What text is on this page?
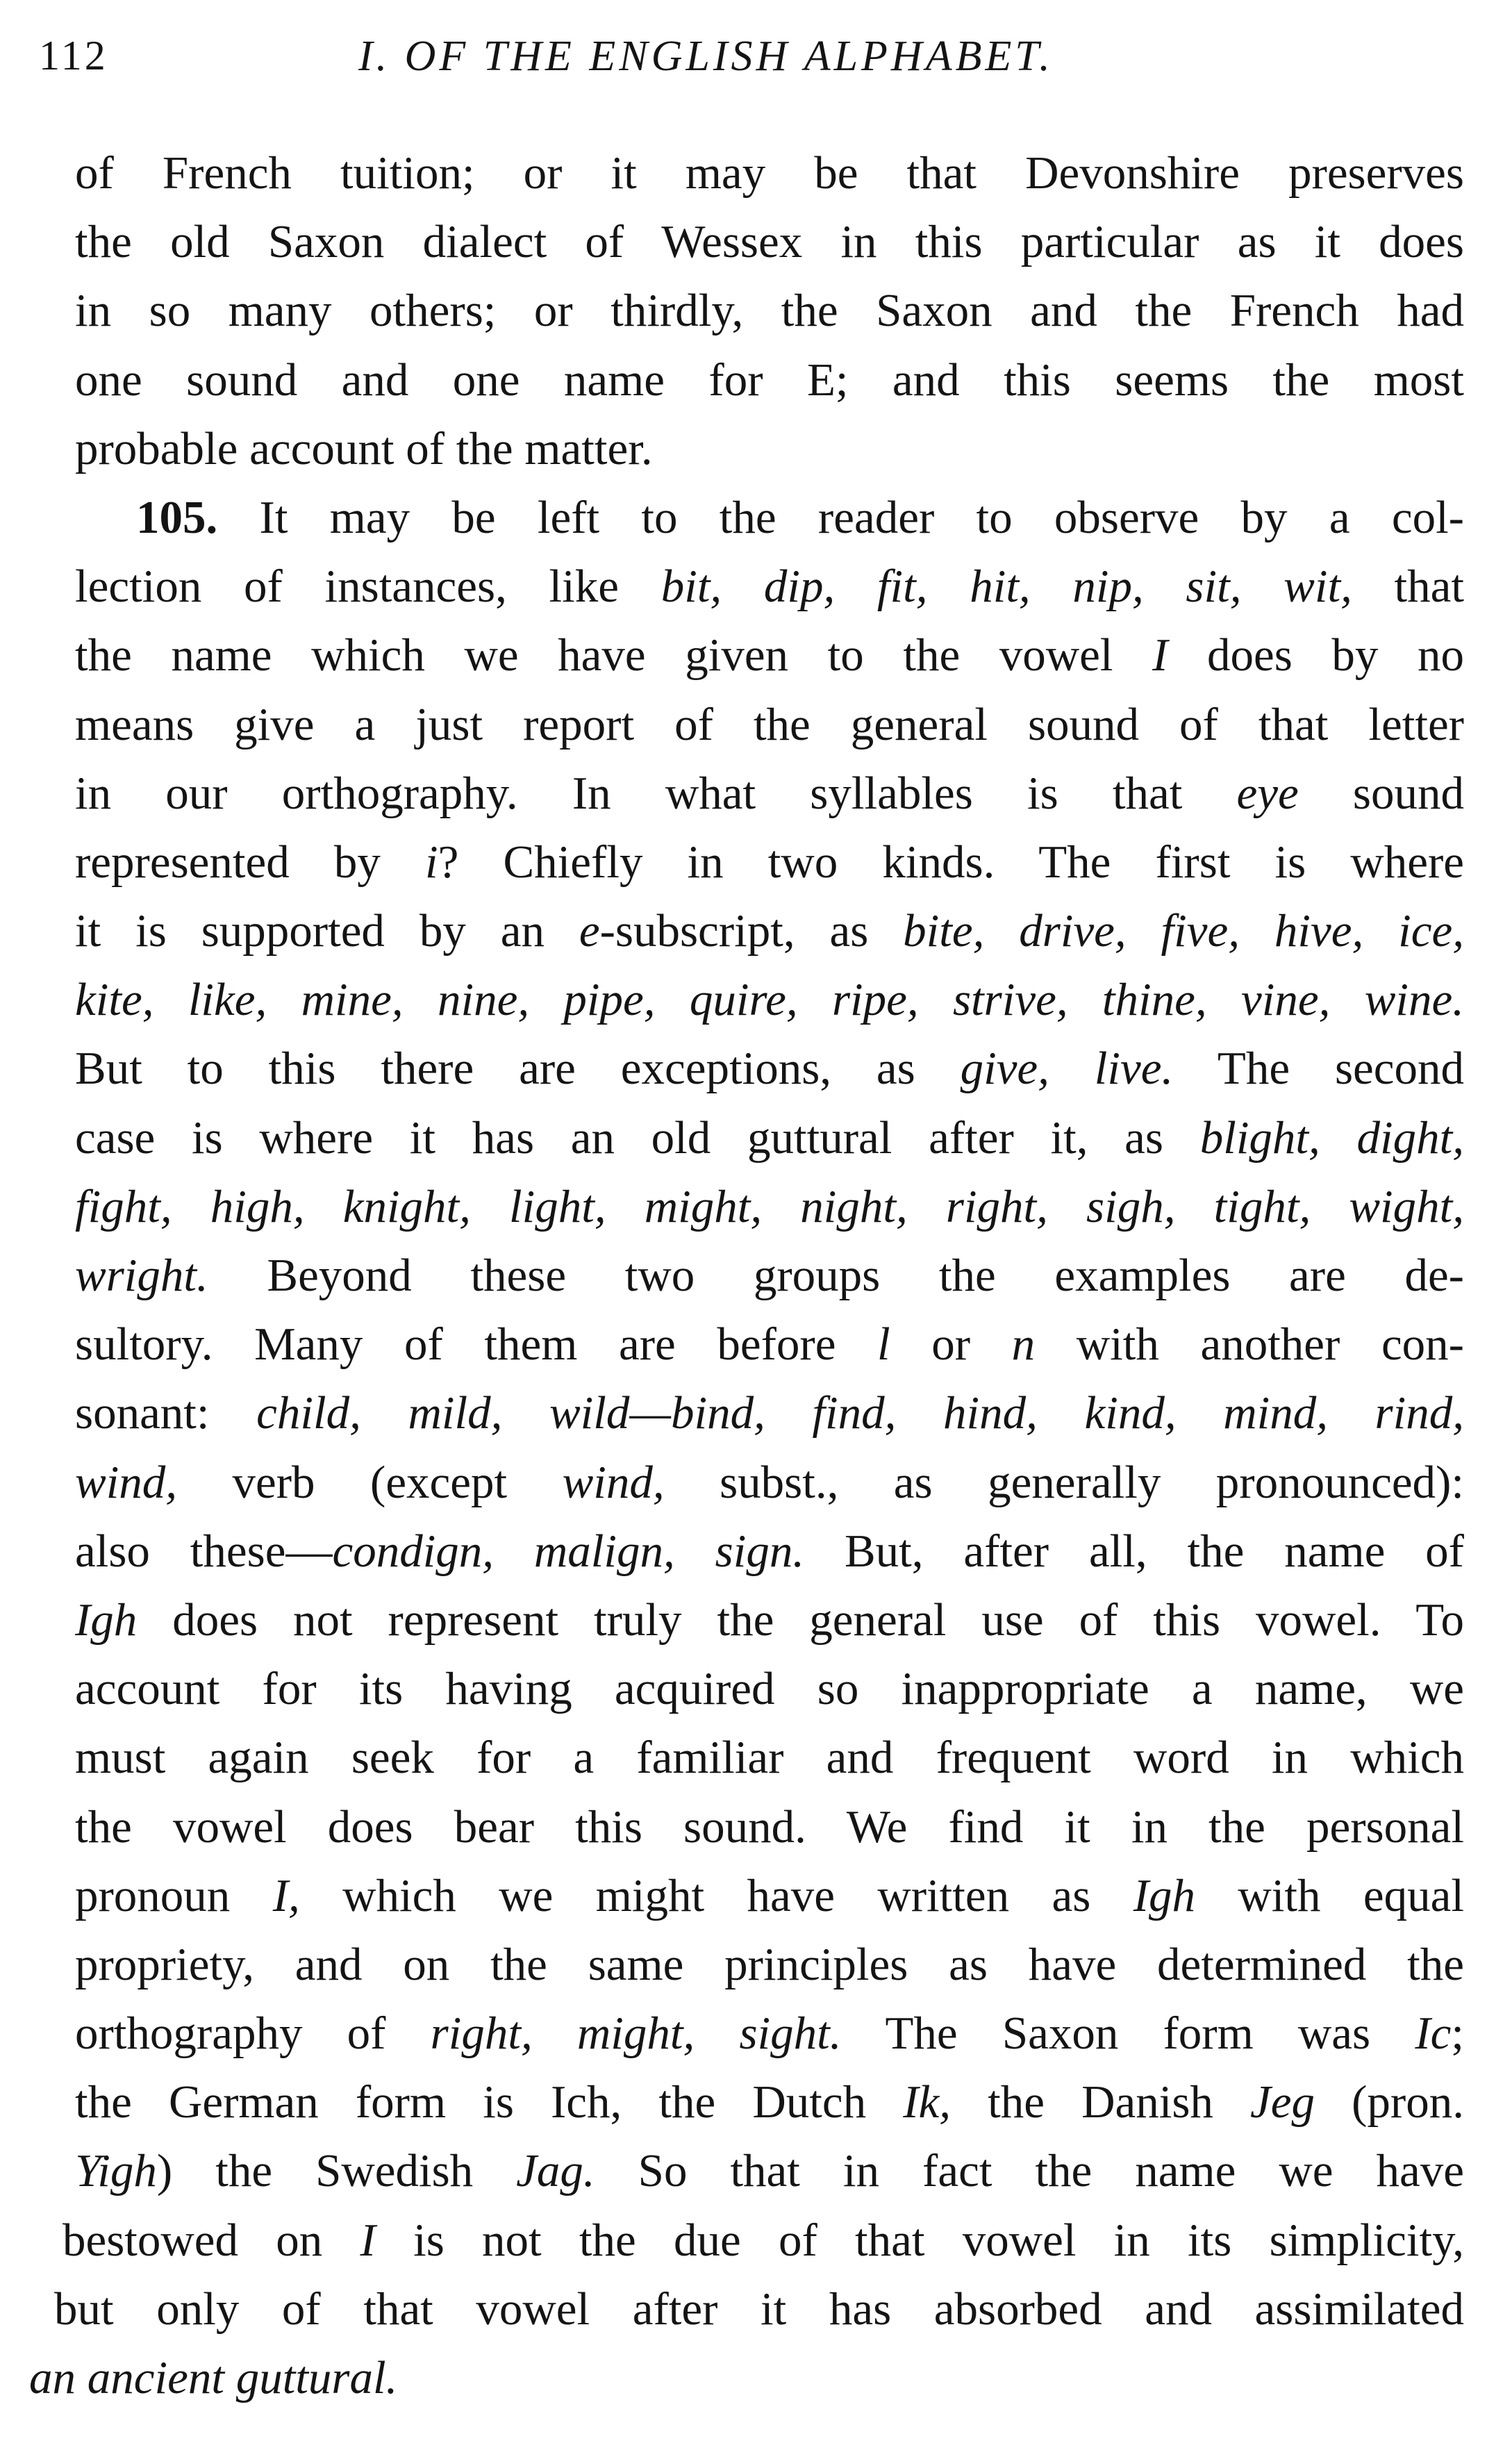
112	I. OF THE ENGLISH ALPHABET.
of French tuition; or it may be that Devonshire preserves
the old Saxon dialect of Wessex in this particular as it does
in so many others; or thirdly, the Saxon and the French had
one sound and one name for E; and this seems the most
probable account of the matter.
105. It may be left to the reader to observe by a col-
lection of instances, like bit, dip, fit, hit, nip, sit, wit, that
the name which we have given to the vowel I does by no
means give a just report of the general sound of that letter
in our orthography. In what syllables is that eye sound
represented by i? Chiefly in two kinds. The first is where
it is supported by an e-subscript, as bite, drive, five, hive, ice,
kite, like, mine, nine, pipe, quire, ripe, strive, thine, vine, wine.
But to this there are exceptions, as give, live. The second
case is where it has an old guttural after it, as blight, dight,
fight, high, knight, light, might, night, right, sigh, tight, wight,
wright. Beyond these two groups the examples are de-
sultory. Many of them are before l or n with another con-
sonant: child, mild, wild—bind, find, hind, kind, mind, rind,
wind, verb (except wind, subst., as generally pronounced):
also these—condign, malign, sign. But, after all, the name of
Igh does not represent truly the general use of this vowel. To
account for its having acquired so inappropriate a name, we
must again seek for a familiar and frequent word in which
the vowel does bear this sound. We find it in the personal
pronoun I, which we might have written as Igh with equal
propriety, and on the same principles as have determined the
orthography of right, might, sight. The Saxon form was Ic;
the German form is Ich, the Dutch Ik, the Danish Jeg (pron.
Yigh) the Swedish Jag. So that in fact the name we have
bestowed on I is not the due of that vowel in its simplicity,
but only of that vowel after it has absorbed and assimilated
an ancient guttural.
